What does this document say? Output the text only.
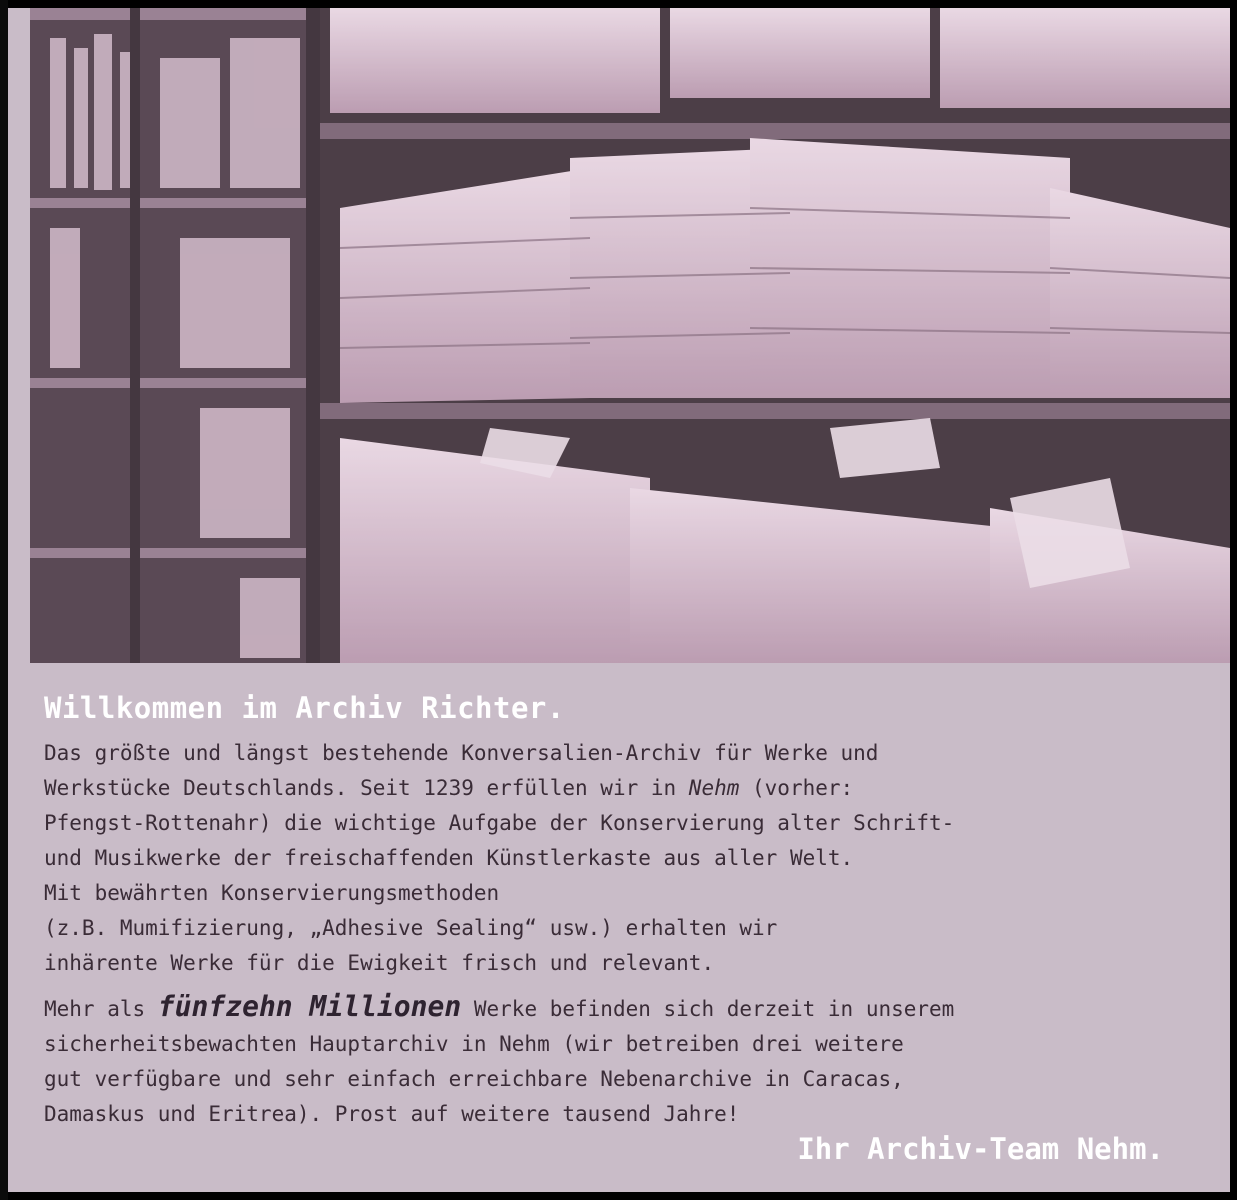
Willkommen im Archiv Richter.

Das größte und längst bestehende Konversalien-Archiv für Werke und
Werkstücke Deutschlands. Seit 1239 erfüllen wir in Nehm (vorher:
Pfengst-Rottenahr) die wichtige Aufgabe der Konservierung alter Schrift-
und Musikwerke der freischaffenden Künstlerkaste aus aller Welt.
Mit bewährten Konservierungsmethoden
(z.B. Mumifizierung, „Adhesive Sealing“ usw.) erhalten wir
inhärente Werke für die Ewigkeit frisch und relevant.
Mehr als fünfzehn Millionen Werke befinden sich derzeit in unserem
sicherheitsbewachten Hauptarchiv in Nehm (wir betreiben drei weitere
gut verfügbare und sehr einfach erreichbare Nebenarchive in Caracas,
Damaskus und Eritrea). Prost auf weitere tausend Jahre!
Ihr Archiv-Team Nehm.
